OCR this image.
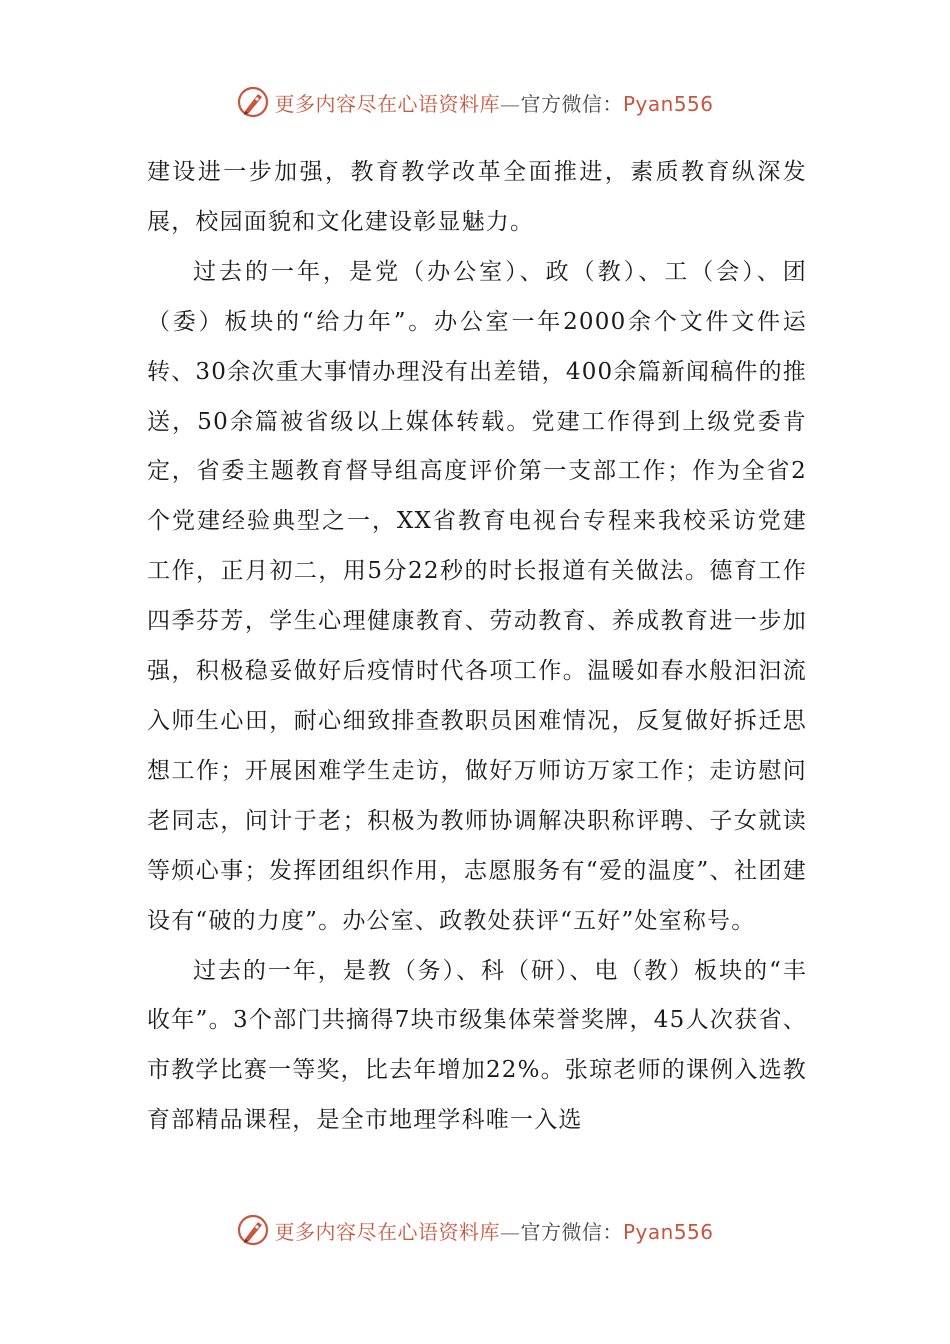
更多内容尽在心语资料库—官方微信：Pyan556

建设进一步加强，教育教学改革全面推进，素质教育纵深发展，校园面貌和文化建设彰显魅力。

过去的一年，是党（办公室）、政（教）、工（会）、团（委）板块的“给力年”。办公室一年2000余个文件文件运转、30余次重大事情办理没有出差错，400余篇新闻稿件的推送，50余篇被省级以上媒体转载。党建工作得到上级党委肯定，省委主题教育督导组高度评价第一支部工作；作为全省2个党建经验典型之一，XX省教育电视台专程来我校采访党建工作，正月初二，用5分22秒的时长报道有关做法。德育工作四季芬芳，学生心理健康教育、劳动教育、养成教育进一步加强，积极稳妥做好后疫情时代各项工作。温暖如春水般汩汩流入师生心田，耐心细致排查教职员困难情况，反复做好拆迁思想工作；开展困难学生走访，做好万师访万家工作；走访慰问老同志，问计于老；积极为教师协调解决职称评聘、子女就读等烦心事；发挥团组织作用，志愿服务有“爱的温度”、社团建设有“破的力度”。办公室、政教处获评“五好”处室称号。

过去的一年，是教（务）、科（研）、电（教）板块的“丰收年”。3个部门共摘得7块市级集体荣誉奖牌，45人次获省、市教学比赛一等奖，比去年增加22%。张琼老师的课例入选教育部精品课程，是全市地理学科唯一入选

更多内容尽在心语资料库—官方微信：Pyan556
